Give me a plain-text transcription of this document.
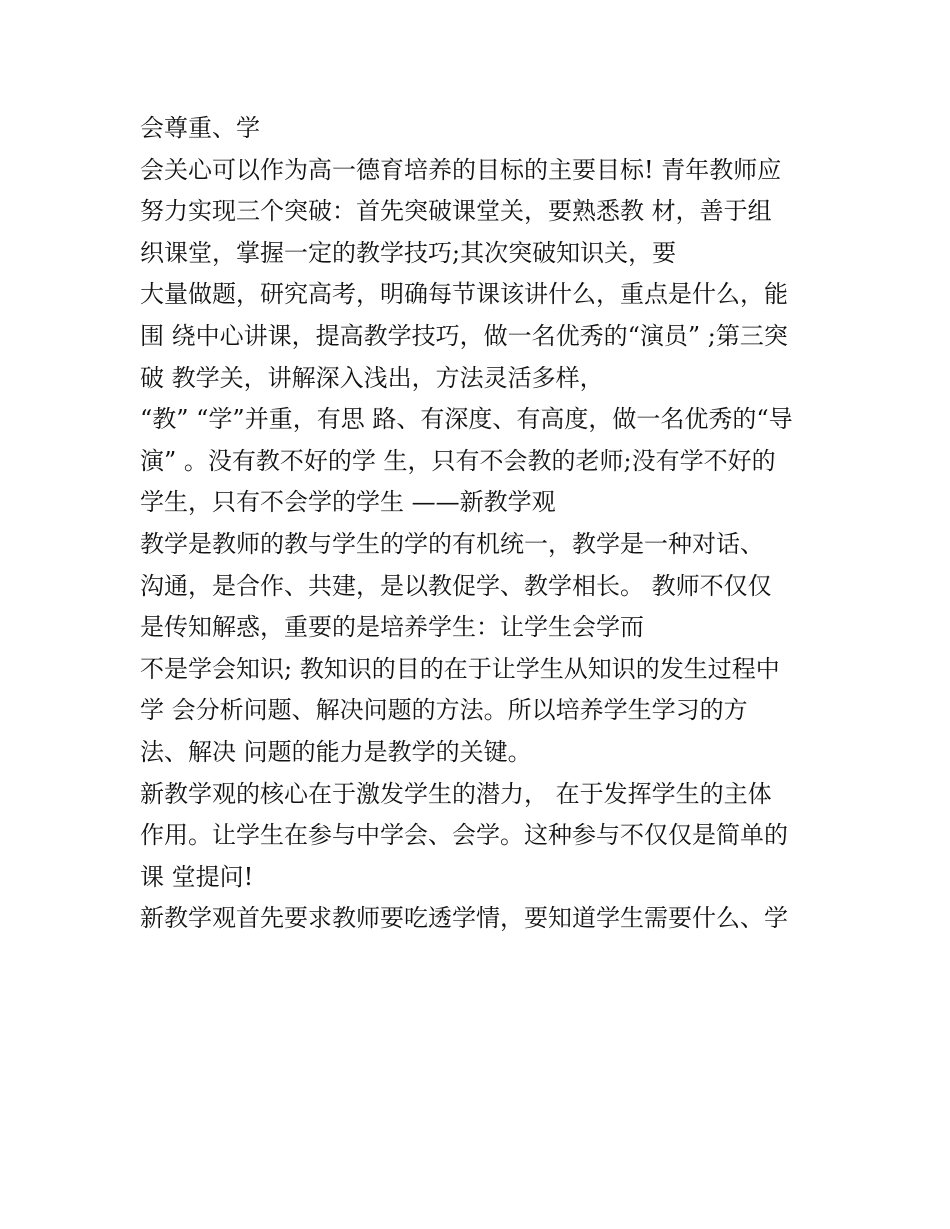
会尊重、学

会关心可以作为高一德育培养的目标的主要目标! 青年教师应

努力实现三个突破：首先突破课堂关，要熟悉教 材，善于组

织课堂，掌握一定的教学技巧;其次突破知识关，要

大量做题，研究高考，明确每节课该讲什么，重点是什么，能

围 绕中心讲课，提高教学技巧，做一名优秀的“演员” ;第三突

破 教学关，讲解深入浅出，方法灵活多样，

“教” “学”并重，有思 路、有深度、有高度，做一名优秀的“导

演” 。没有教不好的学 生，只有不会教的老师;没有学不好的

学生，只有不会学的学生 ——新教学观

教学是教师的教与学生的学的有机统一，教学是一种对话、

沟通，是合作、共建，是以教促学、教学相长。 教师不仅仅

是传知解惑，重要的是培养学生：让学生会学而

不是学会知识; 教知识的目的在于让学生从知识的发生过程中

学 会分析问题、解决问题的方法。所以培养学生学习的方

法、解决 问题的能力是教学的关键。

新教学观的核心在于激发学生的潜力， 在于发挥学生的主体

作用。让学生在参与中学会、会学。这种参与不仅仅是简单的

课 堂提问!

新教学观首先要求教师要吃透学情，要知道学生需要什么、学
